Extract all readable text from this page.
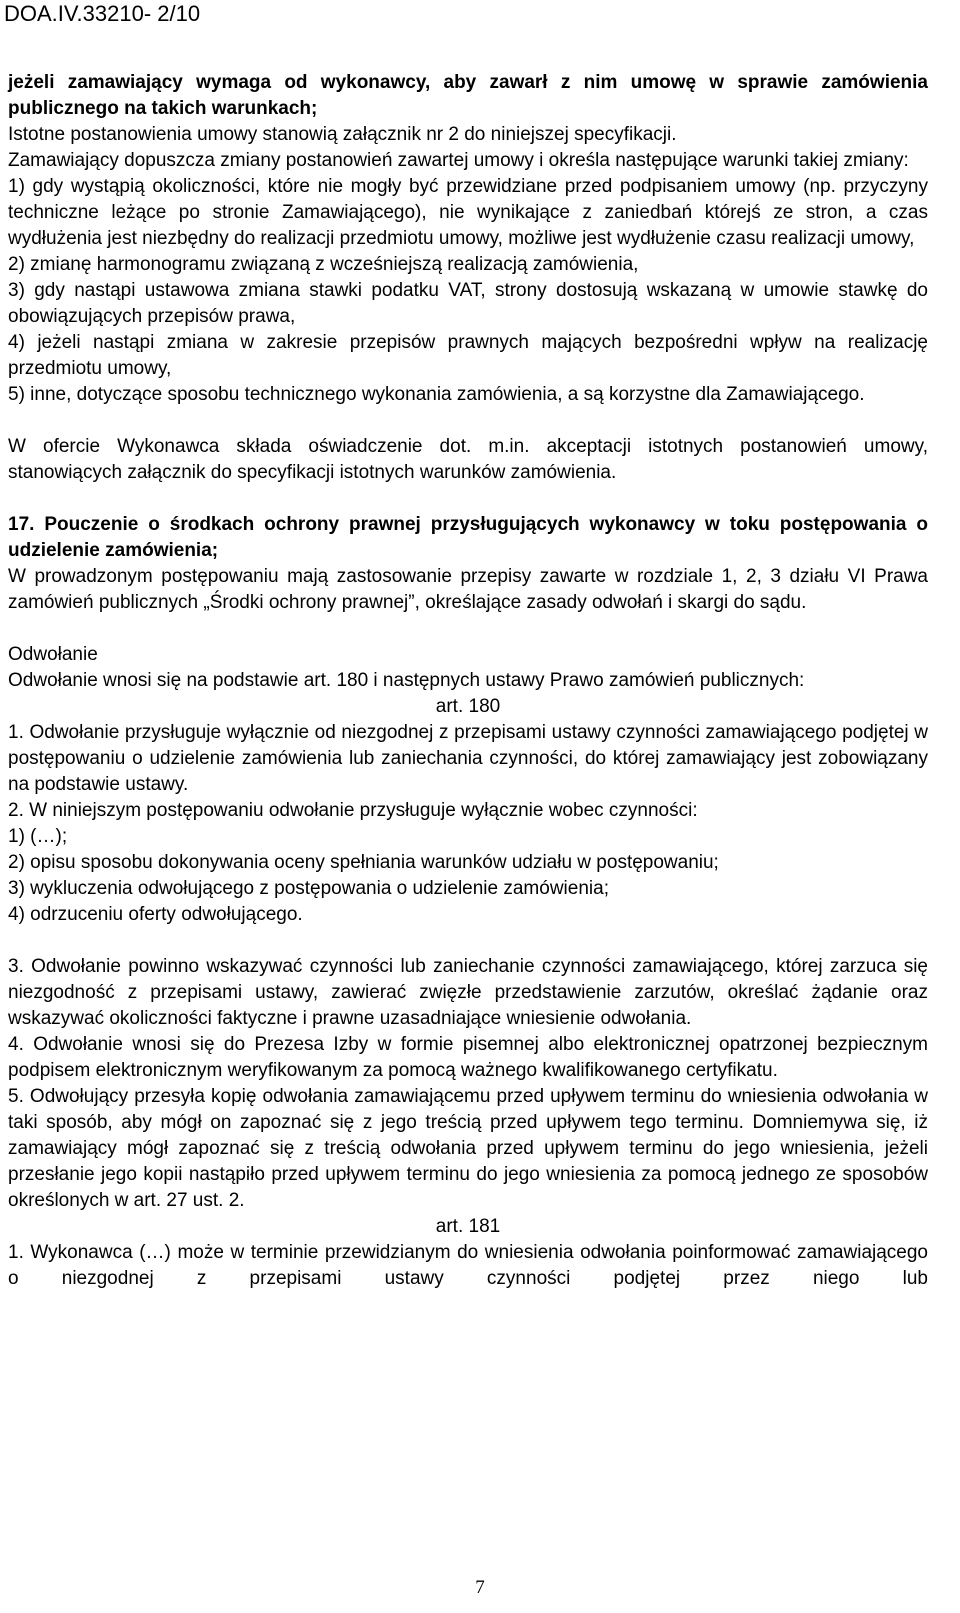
DOA.IV.33210- 2/10

jeżeli zamawiający wymaga od wykonawcy, aby zawarł z nim umowę w sprawie zamówienia publicznego na takich warunkach;

Istotne postanowienia umowy stanowią załącznik nr 2 do niniejszej specyfikacji.

Zamawiający dopuszcza zmiany postanowień zawartej umowy i określa następujące warunki takiej zmiany:

1) gdy wystąpią okoliczności, które nie mogły być przewidziane przed podpisaniem umowy (np. przyczyny techniczne leżące po stronie Zamawiającego), nie wynikające z zaniedbań którejś ze stron, a czas wydłużenia jest niezbędny do realizacji przedmiotu umowy, możliwe jest wydłużenie czasu realizacji umowy,

2) zmianę harmonogramu związaną z wcześniejszą realizacją zamówienia,

3) gdy nastąpi ustawowa zmiana stawki podatku VAT, strony dostosują wskazaną w umowie stawkę do obowiązujących przepisów prawa,

4) jeżeli nastąpi zmiana w zakresie przepisów prawnych mających bezpośredni wpływ na realizację przedmiotu umowy,

5) inne, dotyczące sposobu technicznego wykonania zamówienia, a są korzystne dla Zamawiającego.

W ofercie Wykonawca składa oświadczenie dot. m.in. akceptacji istotnych postanowień umowy, stanowiących załącznik do specyfikacji istotnych warunków zamówienia.

17. Pouczenie o środkach ochrony prawnej przysługujących wykonawcy w toku postępowania o udzielenie zamówienia;

W prowadzonym postępowaniu mają zastosowanie przepisy zawarte w rozdziale 1, 2, 3 działu VI Prawa zamówień publicznych „Środki ochrony prawnej”, określające zasady odwołań i skargi do sądu.

Odwołanie

Odwołanie wnosi się na podstawie art. 180 i następnych ustawy Prawo zamówień publicznych:

art. 180

1. Odwołanie przysługuje wyłącznie od niezgodnej z przepisami ustawy czynności zamawiającego podjętej w postępowaniu o udzielenie zamówienia lub zaniechania czynności, do której zamawiający jest zobowiązany na podstawie ustawy.

2. W niniejszym postępowaniu odwołanie przysługuje wyłącznie wobec czynności:

1) (…);

2) opisu sposobu dokonywania oceny spełniania warunków udziału w postępowaniu;

3) wykluczenia odwołującego z postępowania o udzielenie zamówienia;

4) odrzuceniu oferty odwołującego.

3. Odwołanie powinno wskazywać czynności lub zaniechanie czynności zamawiającego, której zarzuca się niezgodność z przepisami ustawy, zawierać zwięzłe przedstawienie zarzutów, określać żądanie oraz wskazywać okoliczności faktyczne i prawne uzasadniające wniesienie odwołania.

4. Odwołanie wnosi się do Prezesa Izby w formie pisemnej albo elektronicznej opatrzonej bezpiecznym podpisem elektronicznym weryfikowanym za pomocą ważnego kwalifikowanego certyfikatu.

5. Odwołujący przesyła kopię odwołania zamawiającemu przed upływem terminu do wniesienia odwołania w taki sposób, aby mógł on zapoznać się z jego treścią przed upływem tego terminu. Domniemywa się, iż zamawiający mógł zapoznać się z treścią odwołania przed upływem terminu do jego wniesienia, jeżeli przesłanie jego kopii nastąpiło przed upływem terminu do jego wniesienia za pomocą jednego ze sposobów określonych w art. 27 ust. 2.

art. 181

1. Wykonawca (…) może w terminie przewidzianym do wniesienia odwołania poinformować zamawiającego o niezgodnej z przepisami ustawy czynności podjętej przez niego lub

7
